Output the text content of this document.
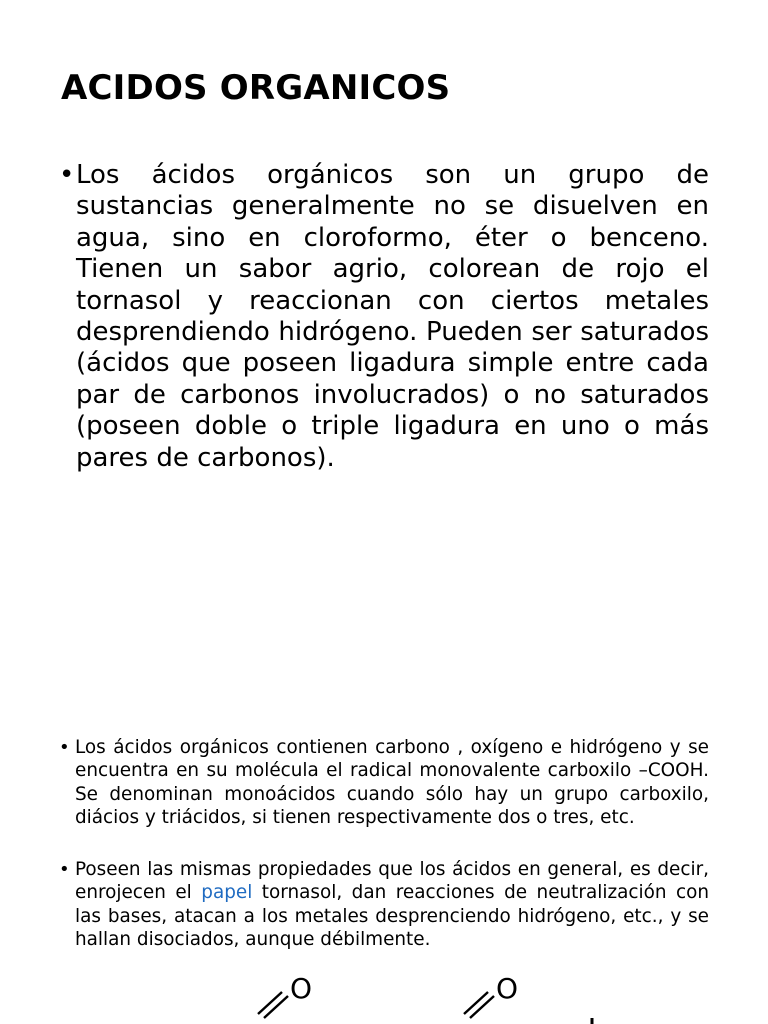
ACIDOS ORGANICOS
• Los ácidos orgánicos son un grupo de sustancias generalmente no se disuelven en agua, sino en cloroformo, éter o benceno. Tienen un sabor agrio, colorean de rojo el tornasol y reaccionan con ciertos metales desprendiendo hidrógeno. Pueden ser saturados (ácidos que poseen ligadura simple entre cada par de carbonos involucrados) o no saturados (poseen doble o triple ligadura en uno o más pares de carbonos).

• Los ácidos orgánicos contienen carbono , oxígeno e hidrógeno y se encuentra en su molécula el radical monovalente carboxilo –COOH. Se denominan monoácidos cuando sólo hay un grupo carboxilo, diácios y triácidos, si tienen respectivamente dos o tres, etc.

• Poseen las mismas propiedades que los ácidos en general, es decir, enrojecen el papel tornasol, dan reacciones de neutralización con las bases, atacan a los metales desprenciendo hidrógeno, etc., y se hallan disociados, aunque débilmente.

O	O
